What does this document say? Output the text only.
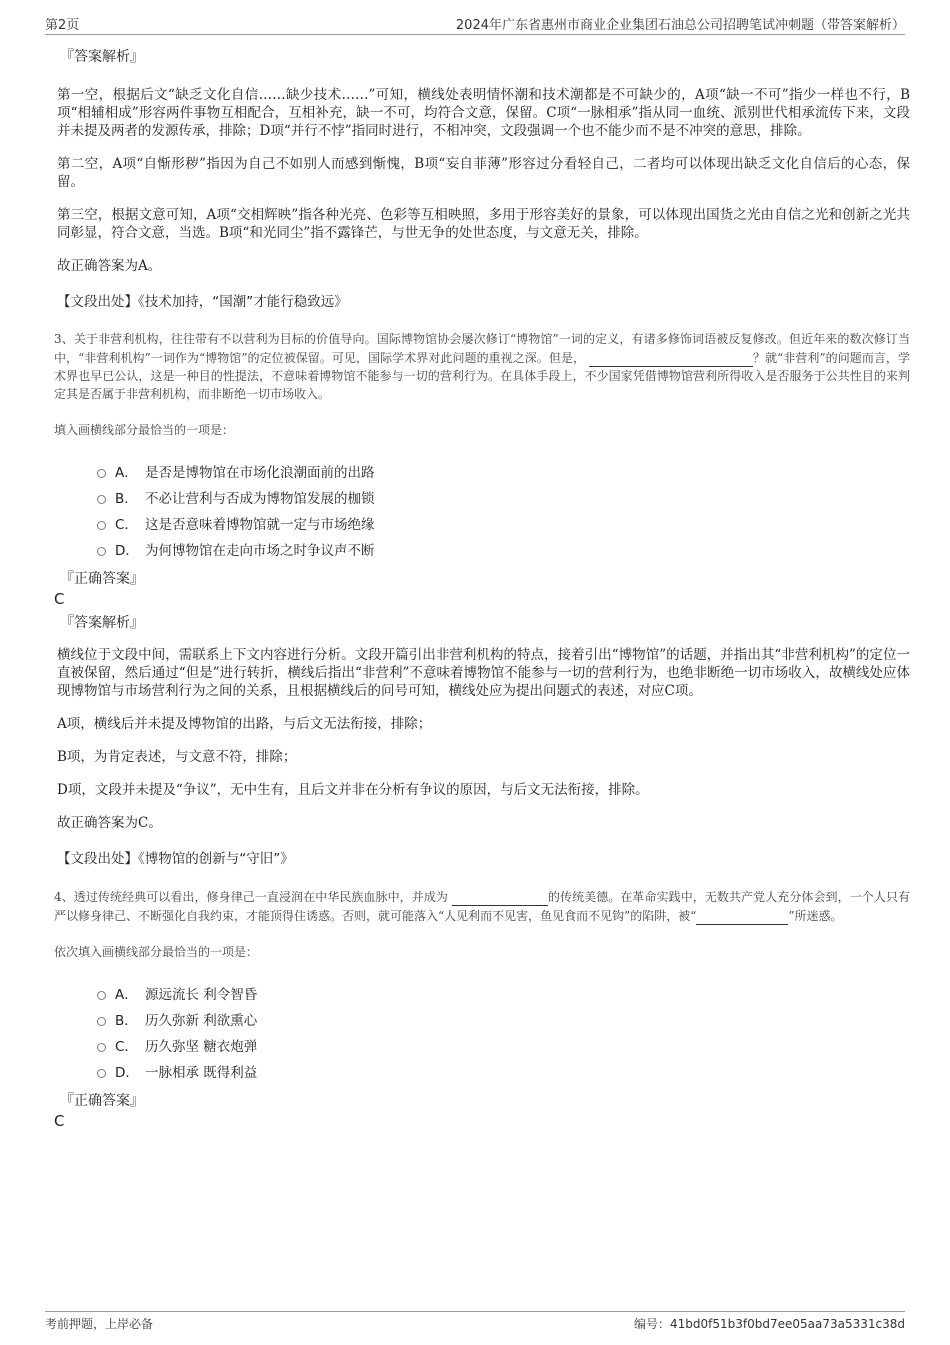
第2页	2024年广东省惠州市商业企业集团石油总公司招聘笔试冲刺题（带答案解析）
『答案解析』

第一空，根据后文“缺乏文化自信……缺少技术……”可知，横线处表明情怀潮和技术潮都是不可缺少的，A项“缺一不可”指少一样也不行，B项“相辅相成”形容两件事物互相配合，互相补充，缺一不可，均符合文意，保留。C项“一脉相承”指从同一血统、派别世代相承流传下来，文段并未提及两者的发源传承，排除；D项“并行不悖”指同时进行，不相冲突，文段强调一个也不能少而不是不冲突的意思，排除。

第二空，A项“自惭形秽”指因为自己不如别人而感到惭愧，B项“妄自菲薄”形容过分看轻自己，二者均可以体现出缺乏文化自信后的心态，保留。

第三空，根据文意可知，A项“交相辉映”指各种光亮、色彩等互相映照，多用于形容美好的景象，可以体现出国货之光由自信之光和创新之光共同彰显，符合文意，当选。B项“和光同尘”指不露锋芒，与世无争的处世态度，与文意无关，排除。

故正确答案为A。

【文段出处】《技术加持，“国潮”才能行稳致远》

3、关于非营利机构，往往带有不以营利为目标的价值导向。国际博物馆协会屡次修订“博物馆”一词的定义，有诸多修饰词语被反复修改。但近年来的数次修订当中，“非营利机构”一词作为“博物馆”的定位被保留。可见，国际学术界对此问题的重视之深。但是，	？就“非营利”的问题而言，学术界也早已公认，这是一种目的性提法，不意味着博物馆不能参与一切的营利行为。在具体手段上，不少国家凭借博物馆营利所得收入是否服务于公共性目的来判定其是否属于非营利机构，而非断绝一切市场收入。

填入画横线部分最恰当的一项是：
A． 是否是博物馆在市场化浪潮面前的出路
B． 不必让营利与否成为博物馆发展的枷锁
C． 这是否意味着博物馆就一定与市场绝缘
D． 为何博物馆在走向市场之时争议声不断
『正确答案』
C
『答案解析』

横线位于文段中间，需联系上下文内容进行分析。文段开篇引出非营利机构的特点，接着引出“博物馆”的话题，并指出其“非营利机构”的定位一直被保留，然后通过“但是”进行转折，横线后指出“非营利”不意味着博物馆不能参与一切的营利行为，也绝非断绝一切市场收入，故横线处应体现博物馆与市场营利行为之间的关系，且根据横线后的问号可知，横线处应为提出问题式的表述，对应C项。

A项，横线后并未提及博物馆的出路，与后文无法衔接，排除；

B项，为肯定表述，与文意不符，排除；

D项，文段并未提及“争议”，无中生有，且后文并非在分析有争议的原因，与后文无法衔接，排除。

故正确答案为C。

【文段出处】《博物馆的创新与“守旧”》

4、透过传统经典可以看出，修身律己一直浸润在中华民族血脉中，并成为	的传统美德。在革命实践中，无数共产党人充分体会到，一个人只有严以修身律己、不断强化自我约束，才能顶得住诱惑。否则，就可能落入“人见利而不见害，鱼见食而不见钩”的陷阱，被“	”所迷惑。

依次填入画横线部分最恰当的一项是：
A． 源远流长 利令智昏
B． 历久弥新 利欲熏心
C． 历久弥坚 糖衣炮弹
D． 一脉相承 既得利益
『正确答案』
C
考前押题，上岸必备	编号：41bd0f51b3f0bd7ee05aa73a5331c38d
